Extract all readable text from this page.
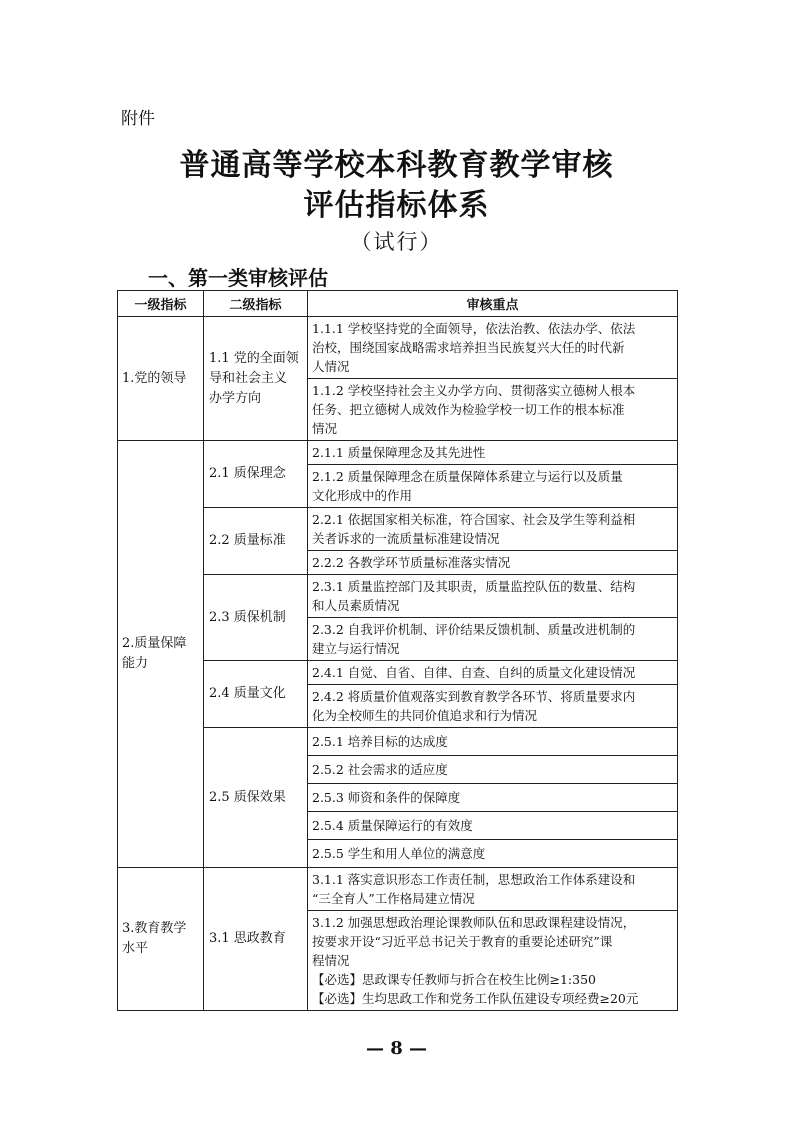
附件
普通高等学校本科教育教学审核
评估指标体系
（试行）
一、第一类审核评估
一级指标	二级指标	审核重点
1.党的领导	1.1 党的全面领
导和社会主义
办学方向	1.1.1 学校坚持党的全面领导，依法治教、依法办学、依法
治校，围绕国家战略需求培养担当民族复兴大任的时代新
人情况

		1.1.2 学校坚持社会主义办学方向、贯彻落实立德树人根本
任务、把立德树人成效作为检验学校一切工作的根本标准
情况

2.质量保障
能力	2.1 质保理念	2.1.1 质量保障理念及其先进性

		2.1.2 质量保障理念在质量保障体系建立与运行以及质量
文化形成中的作用

	2.2 质量标准	2.2.1 依据国家相关标准，符合国家、社会及学生等利益相
关者诉求的一流质量标准建设情况

		2.2.2 各教学环节质量标准落实情况

	2.3 质保机制	2.3.1 质量监控部门及其职责，质量监控队伍的数量、结构
和人员素质情况

		2.3.2 自我评价机制、评价结果反馈机制、质量改进机制的
建立与运行情况

	2.4 质量文化	2.4.1 自觉、自省、自律、自查、自纠的质量文化建设情况

		2.4.2 将质量价值观落实到教育教学各环节、将质量要求内
化为全校师生的共同价值追求和行为情况

	2.5 质保效果	2.5.1 培养目标的达成度

		2.5.2 社会需求的适应度

		2.5.3 师资和条件的保障度

		2.5.4 质量保障运行的有效度

		2.5.5 学生和用人单位的满意度

3.教育教学
水平	3.1 思政教育	3.1.1 落实意识形态工作责任制，思想政治工作体系建设和
“三全育人”工作格局建立情况

		3.1.2 加强思想政治理论课教师队伍和思政课程建设情况，
按要求开设“习近平总书记关于教育的重要论述研究”课
程情况
【必选】思政课专任教师与折合在校生比例≥1:350
【必选】生均思政工作和党务工作队伍建设专项经费≥20元
— 8 —
